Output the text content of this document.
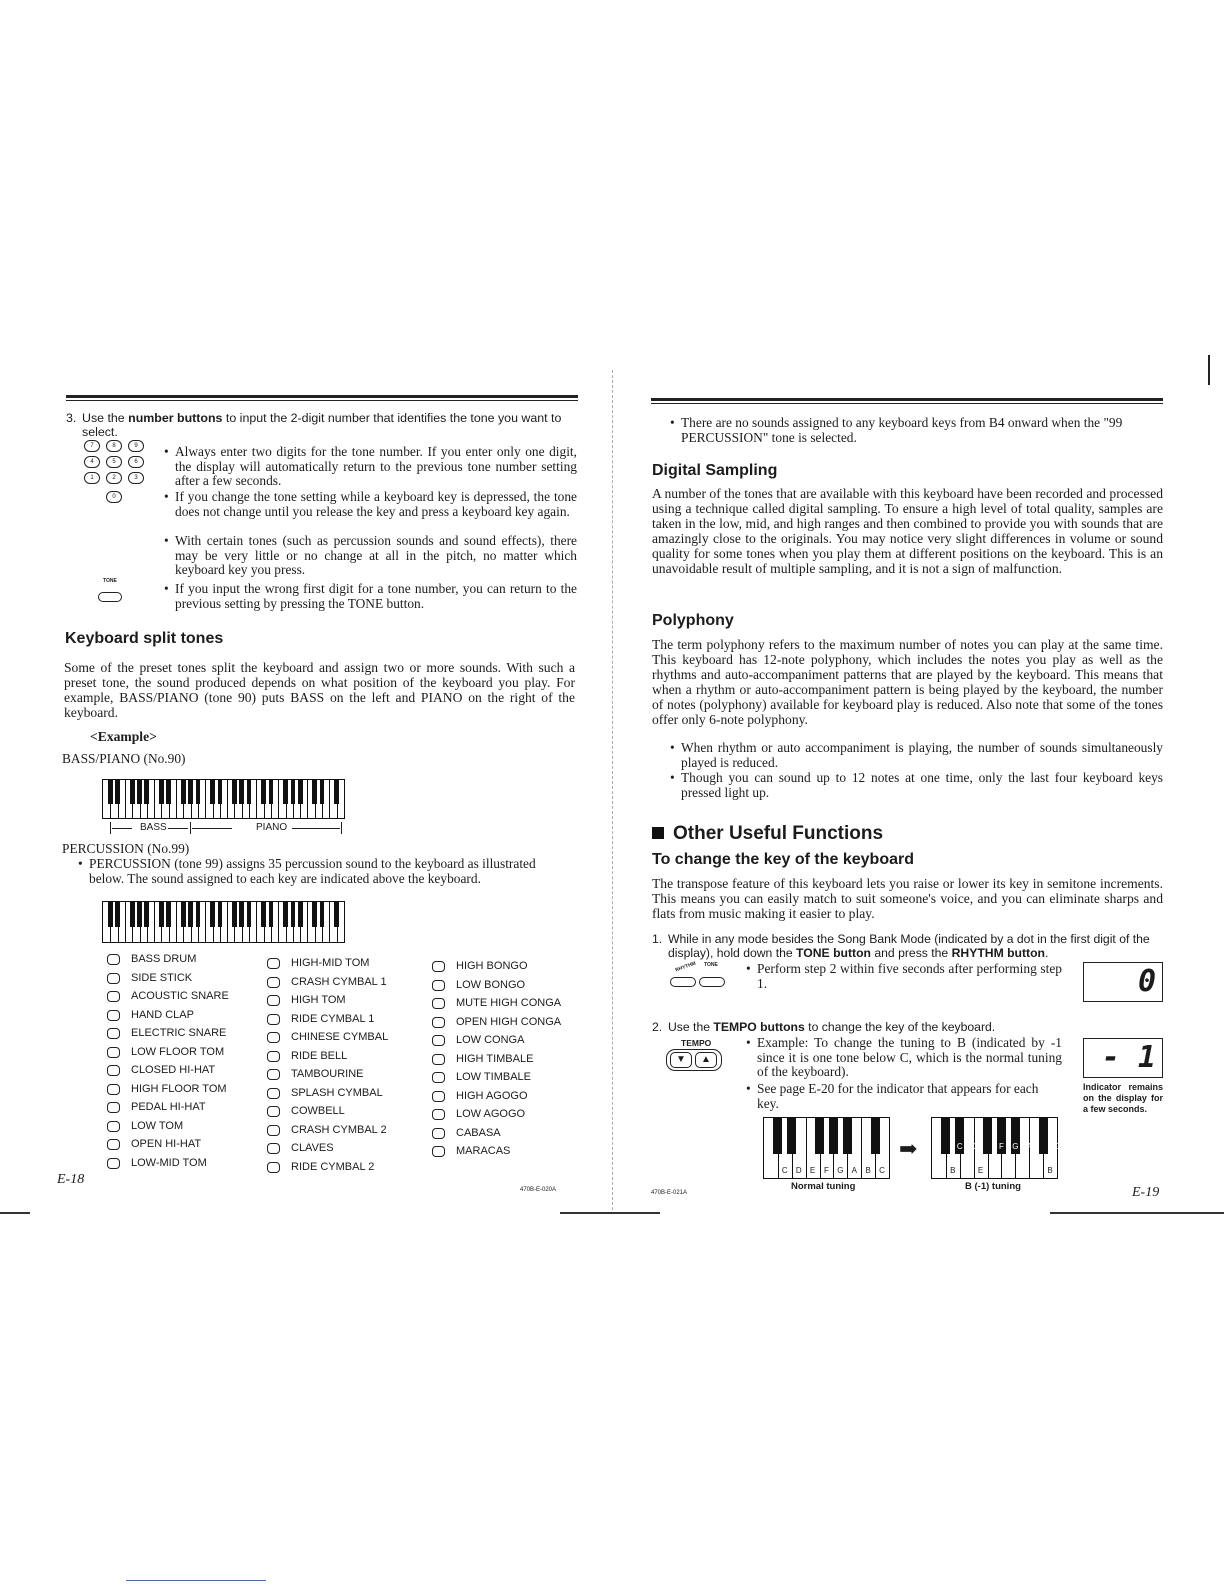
3. Use the number buttons to input the 2-digit number that identifies the tone you want to select.
7	8	9
4	5	6
1	2	3
0
• Always enter two digits for the tone number. If you enter only one digit, the display will automatically return to the previous tone number setting after a few seconds.
• If you change the tone setting while a keyboard key is depressed, the tone does not change until you release the key and press a keyboard key again.
• With certain tones (such as percussion sounds and sound effects), there may be very little or no change at all in the pitch, no matter which keyboard key you press.
TONE	• If you input the wrong first digit for a tone number, you can return to the previous setting by pressing the TONE button.
Keyboard split tones
Some of the preset tones split the keyboard and assign two or more sounds. With such a preset tone, the sound produced depends on what position of the keyboard you play. For example, BASS/PIANO (tone 90) puts BASS on the left and PIANO on the right of the keyboard.
<Example>
BASS/PIANO (No.90)
BASS	PIANO
PERCUSSION (No.99)
• PERCUSSION (tone 99) assigns 35 percussion sound to the keyboard as illustrated below. The sound assigned to each key are indicated above the keyboard.
BASS DRUM
SIDE STICK
ACOUSTIC SNARE
HAND CLAP
ELECTRIC SNARE
LOW FLOOR TOM
CLOSED HI-HAT
HIGH FLOOR TOM
PEDAL HI-HAT
LOW TOM
OPEN HI-HAT
LOW-MID TOM
HIGH-MID TOM
CRASH CYMBAL 1
HIGH TOM
RIDE CYMBAL 1
CHINESE CYMBAL
RIDE BELL
TAMBOURINE
SPLASH CYMBAL
COWBELL
CRASH CYMBAL 2
CLAVES
RIDE CYMBAL 2
HIGH BONGO
LOW BONGO
MUTE HIGH CONGA
OPEN HIGH CONGA
LOW CONGA
HIGH TIMBALE
LOW TIMBALE
HIGH AGOGO
LOW AGOGO
CABASA
MARACAS
E-18
470B-E-020A
• There are no sounds assigned to any keyboard keys from B4 onward when the "99 PERCUSSION" tone is selected.
Digital Sampling
A number of the tones that are available with this keyboard have been recorded and processed using a technique called digital sampling. To ensure a high level of total quality, samples are taken in the low, mid, and high ranges and then combined to provide you with sounds that are amazingly close to the originals. You may notice very slight differences in volume or sound quality for some tones when you play them at different positions on the keyboard. This is an unavoidable result of multiple sampling, and it is not a sign of malfunction.
Polyphony
The term polyphony refers to the maximum number of notes you can play at the same time. This keyboard has 12-note polyphony, which includes the notes you play as well as the rhythms and auto-accompaniment patterns that are played by the keyboard. This means that when a rhythm or auto-accompaniment pattern is being played by the keyboard, the number of notes (polyphony) available for keyboard play is reduced. Also note that some of the tones offer only 6-note polyphony.
• When rhythm or auto accompaniment is playing, the number of sounds simultaneously played is reduced.
• Though you can sound up to 12 notes at one time, only the last four keyboard keys pressed light up.
Other Useful Functions
To change the key of the keyboard
The transpose feature of this keyboard lets you raise or lower its key in semitone increments. This means you can easily match to suit someone's voice, and you can eliminate sharps and flats from music making it easier to play.
1. While in any mode besides the Song Bank Mode (indicated by a dot in the first digit of the display), hold down the TONE button and press the RHYTHM button.
RHYTHM TONE	• Perform step 2 within five seconds after performing step 1.	0
2. Use the TEMPO buttons to change the key of the keyboard.
TEMPO
▼	▲
• Example: To change the tuning to B (indicated by -1 since it is one tone below C, which is the normal tuning of the keyboard).
• See page E-20 for the indicator that appears for each key.
- 1
Indicator remains on the display for a few seconds.
C	D	E	F	G	A	B	C
Normal tuning
➡
B	E	B
C D	F G A	C
B (-1) tuning
470B-E-021A	E-19
